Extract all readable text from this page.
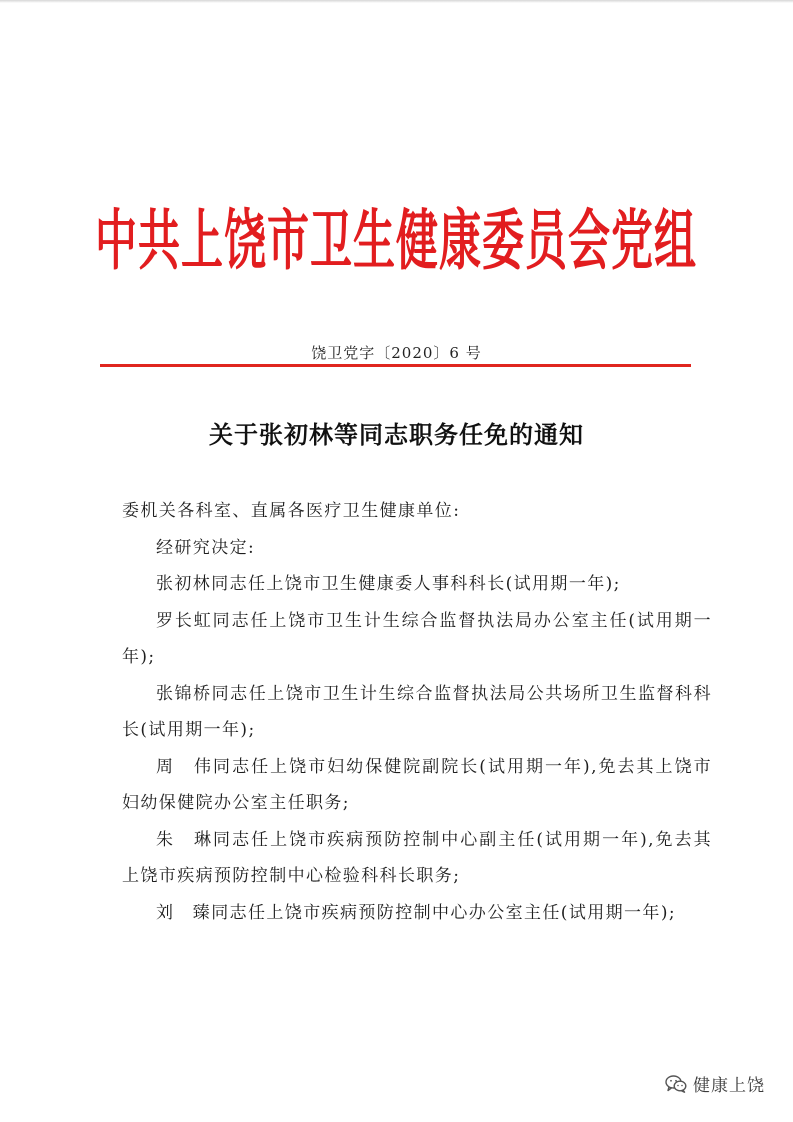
中共上饶市卫生健康委员会党组
饶卫党字〔2020〕6 号
关于张初林等同志职务任免的通知

委机关各科室、直属各医疗卫生健康单位:

经研究决定:

张初林同志任上饶市卫生健康委人事科科长(试用期一年);

罗长虹同志任上饶市卫生计生综合监督执法局办公室主任(试用期一年);

张锦桥同志任上饶市卫生计生综合监督执法局公共场所卫生监督科科长(试用期一年);

周　伟同志任上饶市妇幼保健院副院长(试用期一年),免去其上饶市妇幼保健院办公室主任职务;

朱　琳同志任上饶市疾病预防控制中心副主任(试用期一年),免去其上饶市疾病预防控制中心检验科科长职务;

刘　臻同志任上饶市疾病预防控制中心办公室主任(试用期一年);

健康上饶
